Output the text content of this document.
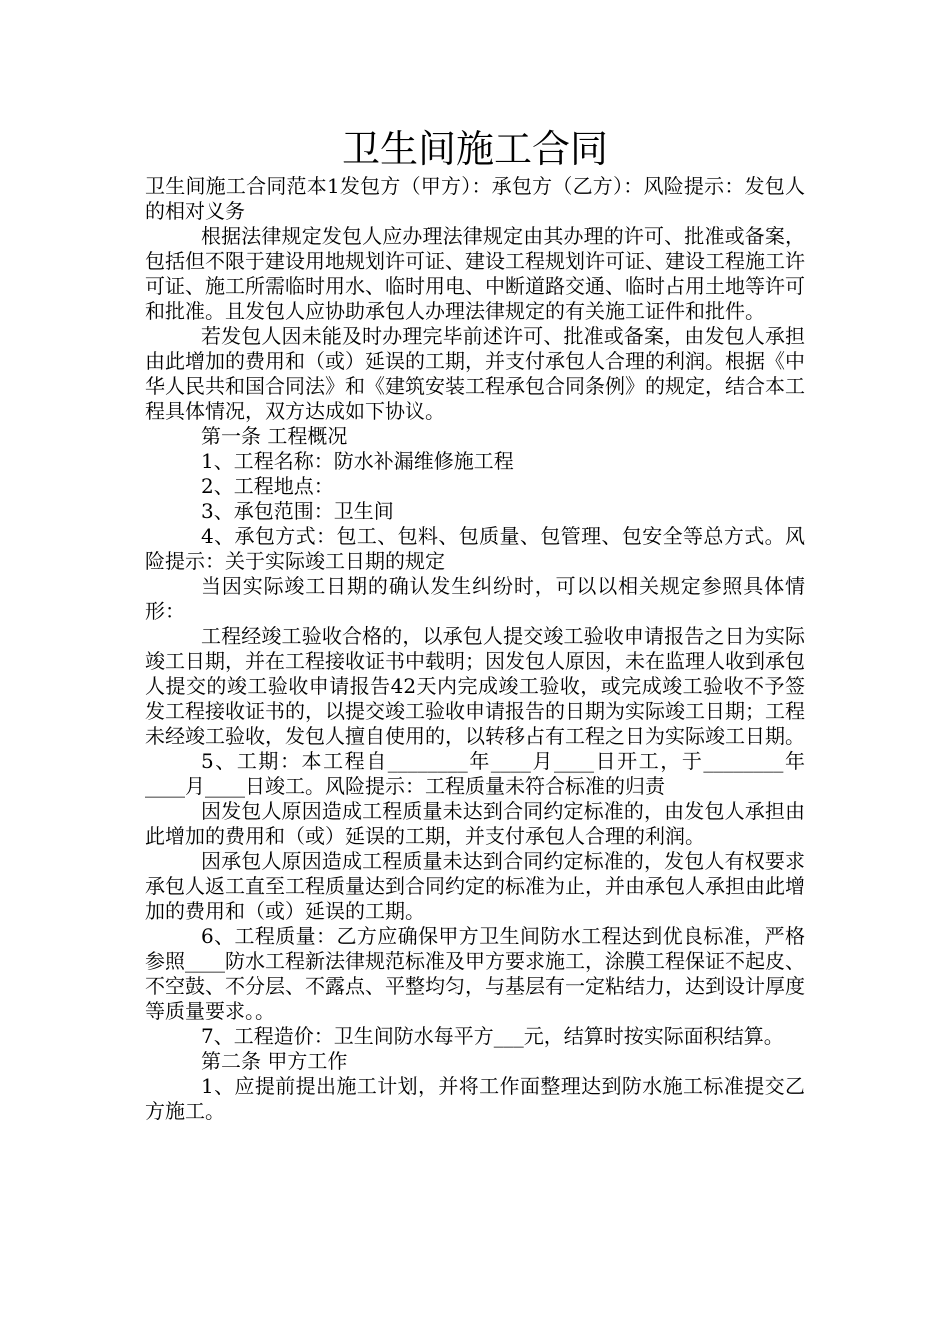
卫生间施工合同

卫生间施工合同范本1发包方（甲方）：承包方（乙方）：风险提示：发包人的相对义务

根据法律规定发包人应办理法律规定由其办理的许可、批准或备案，包括但不限于建设用地规划许可证、建设工程规划许可证、建设工程施工许可证、施工所需临时用水、临时用电、中断道路交通、临时占用土地等许可和批准。且发包人应协助承包人办理法律规定的有关施工证件和批件。

若发包人因未能及时办理完毕前述许可、批准或备案，由发包人承担由此增加的费用和（或）延误的工期，并支付承包人合理的利润。根据《中华人民共和国合同法》和《建筑安装工程承包合同条例》的规定，结合本工程具体情况，双方达成如下协议。

第一条 工程概况

1、工程名称：防水补漏维修施工程

2、工程地点：

3、承包范围：卫生间

4、承包方式：包工、包料、包质量、包管理、包安全等总方式。风险提示：关于实际竣工日期的规定

当因实际竣工日期的确认发生纠纷时，可以以相关规定参照具体情形：

工程经竣工验收合格的，以承包人提交竣工验收申请报告之日为实际竣工日期，并在工程接收证书中载明；因发包人原因，未在监理人收到承包人提交的竣工验收申请报告42天内完成竣工验收，或完成竣工验收不予签发工程接收证书的，以提交竣工验收申请报告的日期为实际竣工日期；工程未经竣工验收，发包人擅自使用的，以转移占有工程之日为实际竣工日期。

5、工期：本工程自________年____月____日开工，于________年____月____日竣工。风险提示：工程质量未符合标准的归责

因发包人原因造成工程质量未达到合同约定标准的，由发包人承担由此增加的费用和（或）延误的工期，并支付承包人合理的利润。

因承包人原因造成工程质量未达到合同约定标准的，发包人有权要求承包人返工直至工程质量达到合同约定的标准为止，并由承包人承担由此增加的费用和（或）延误的工期。

6、工程质量：乙方应确保甲方卫生间防水工程达到优良标准，严格参照____防水工程新法律规范标准及甲方要求施工，涂膜工程保证不起皮、不空鼓、不分层、不露点、平整均匀，与基层有一定粘结力，达到设计厚度等质量要求。。

7、工程造价：卫生间防水每平方___元，结算时按实际面积结算。

第二条 甲方工作

1、应提前提出施工计划，并将工作面整理达到防水施工标准提交乙方施工。
